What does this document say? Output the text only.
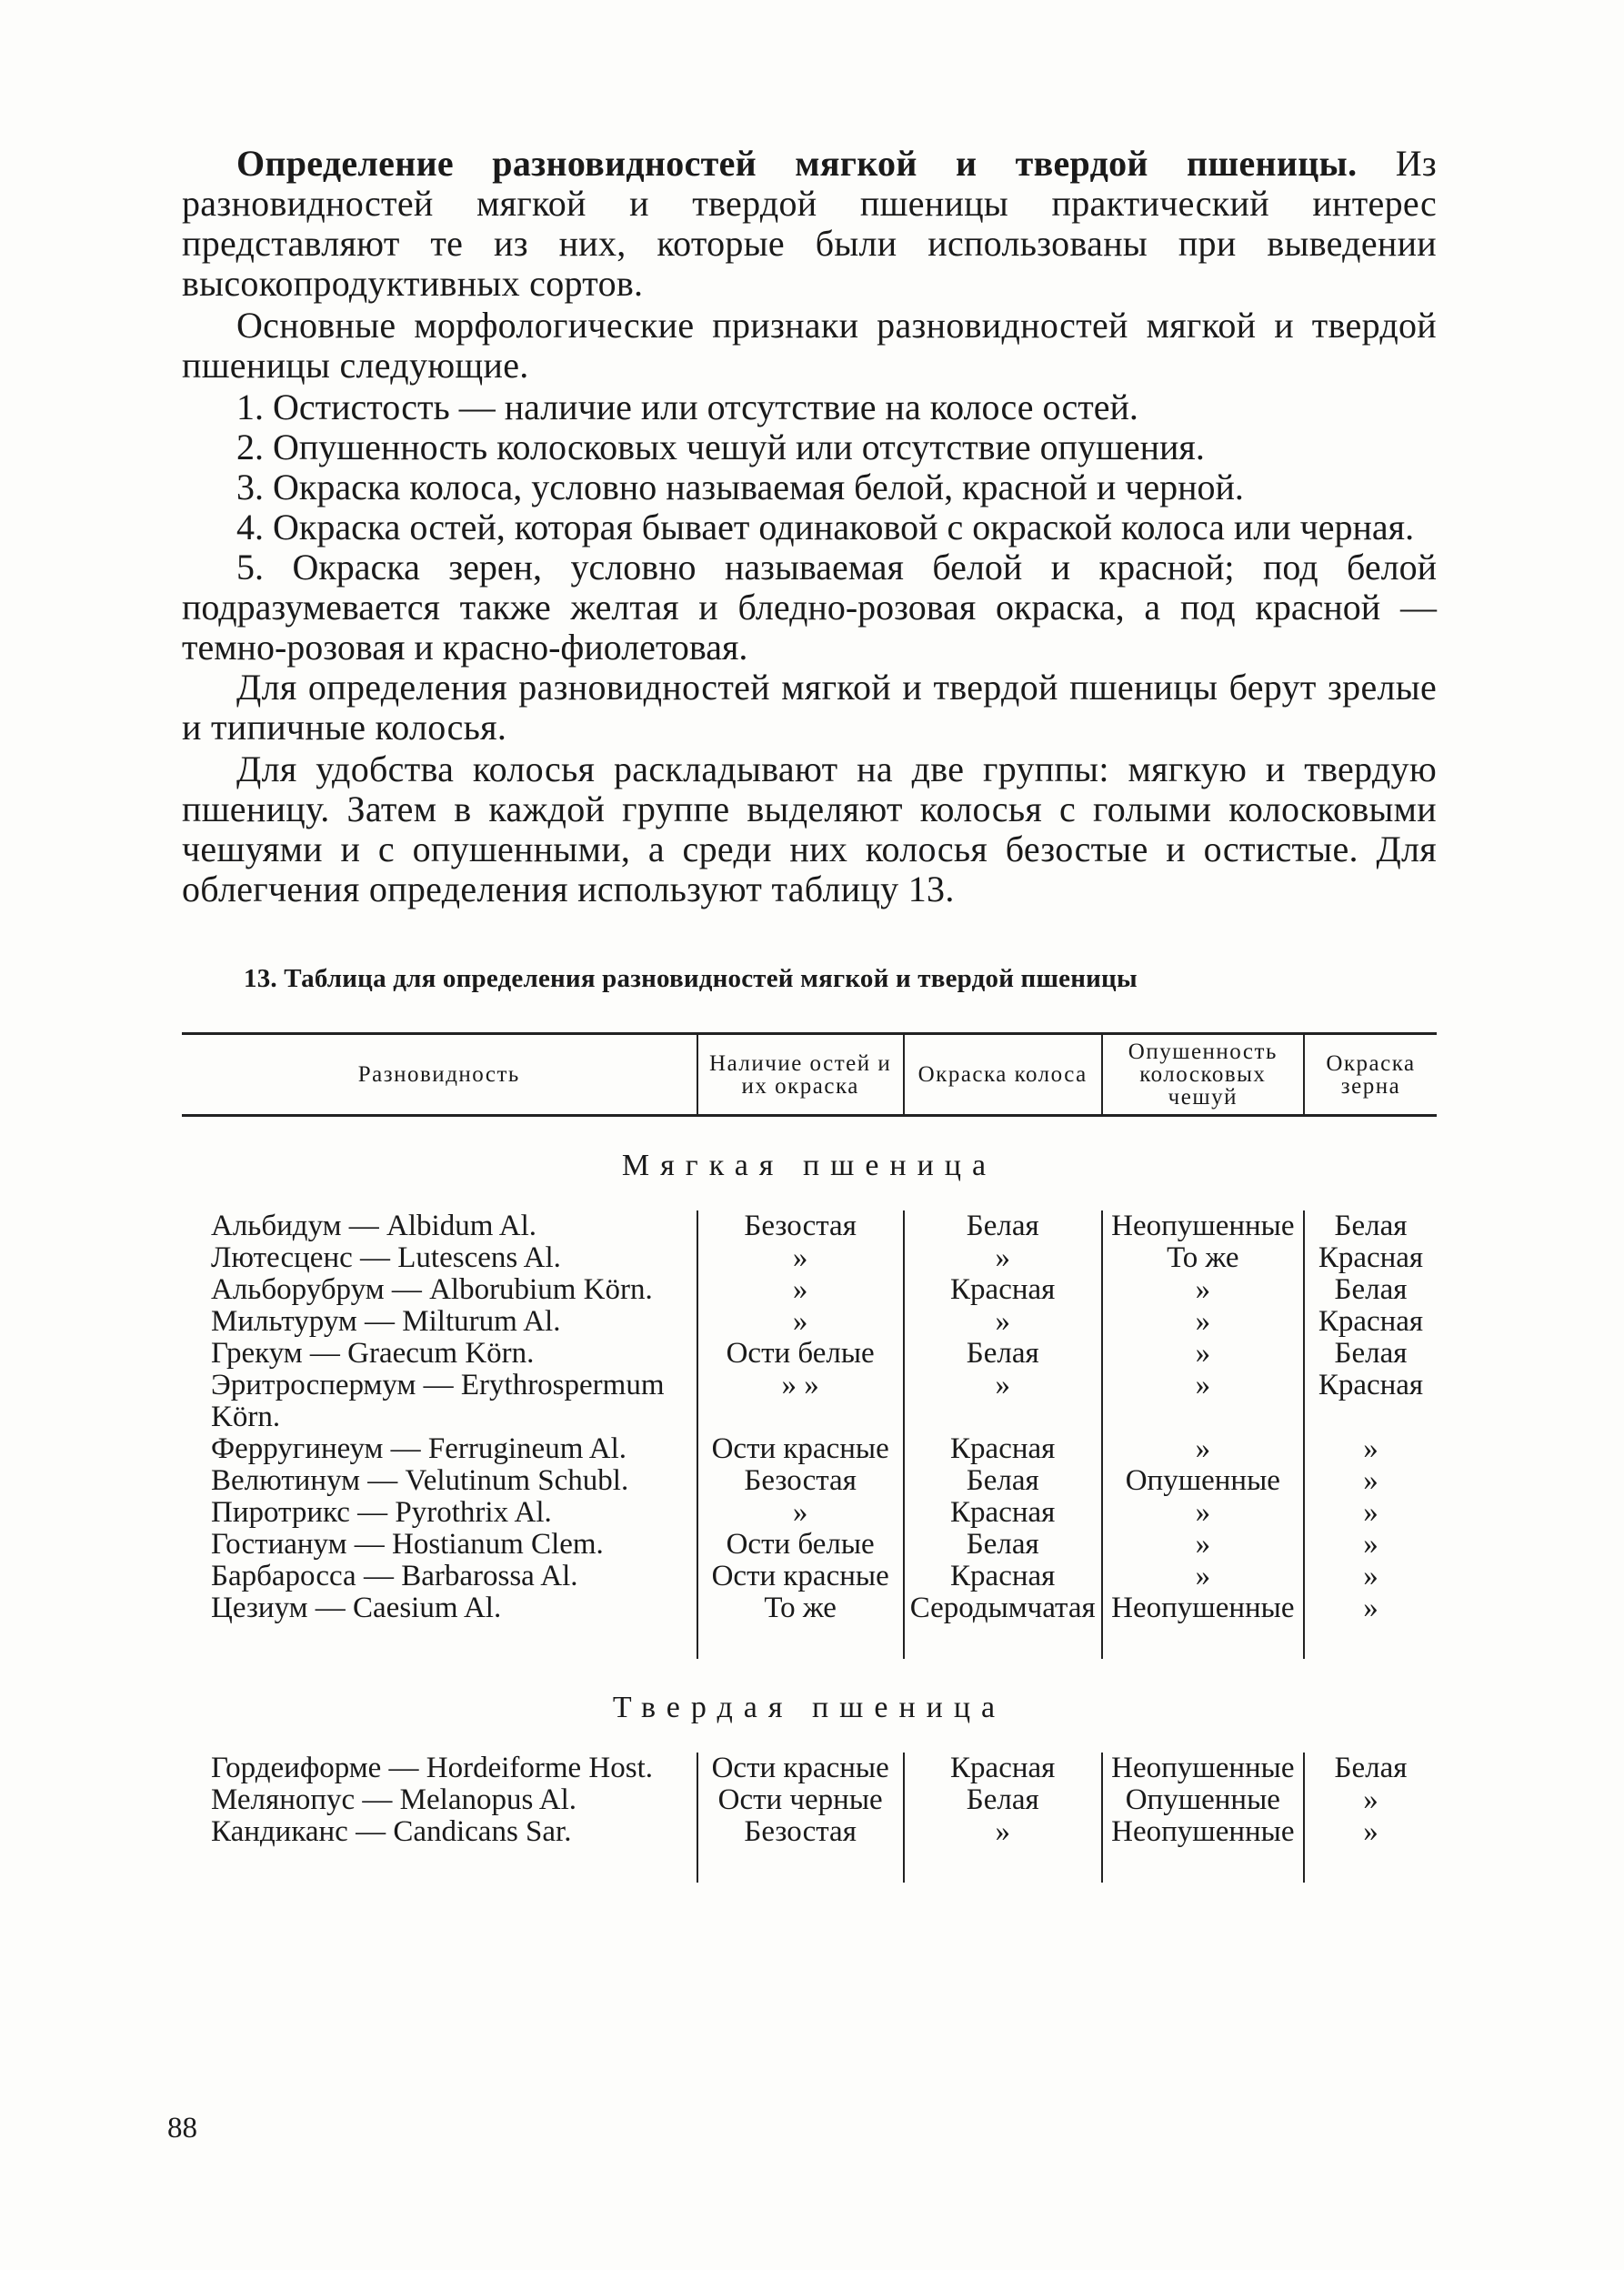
Определение разновидностей мягкой и твердой пшеницы. Из разновидностей мягкой и твердой пшеницы практический интерес представляют те из них, которые были использованы при выведении высокопродуктивных сортов.

Основные морфологические признаки разновидностей мягкой и твердой пшеницы следующие.

1. Остистость — наличие или отсутствие на колосе остей.

2. Опушенность колосковых чешуй или отсутствие опушения.

3. Окраска колоса, условно называемая белой, красной и черной.

4. Окраска остей, которая бывает одинаковой с окраской колоса или черная.

5. Окраска зерен, условно называемая белой и красной; под белой подразумевается также желтая и бледно-розовая окраска, а под красной — темно-розовая и красно-фиолетовая.

Для определения разновидностей мягкой и твердой пшеницы берут зрелые и типичные колосья.

Для удобства колосья раскладывают на две группы: мягкую и твердую пшеницу. Затем в каждой группе выделяют колосья с голыми колосковыми чешуями и с опушенными, а среди них колосья безостые и остистые. Для облегчения определения используют таблицу 13.

13. Таблица для определения разновидностей мягкой и твердой пшеницы
Разновидность	Наличие остей и их окраска	Окраска колоса	Опушенность колосковых чешуй	Окраска зерна
Мягкая пшеница				
Альбидум — Albidum Al.	Безостая	Белая	Неопушенные	Белая
Лютесценс — Lutescens Al.	»	»	То же	Красная
Альборубрум — Alborubium Körn.	»	Красная	»	Белая
Мильтурум — Milturum Al.	»	»	»	Красная
Грекум — Graecum Körn.	Ости белые	Белая	»	Белая
Эритроспермум — Erythrospermum Körn.	» »	»	»	Красная
Ферругинеум — Ferrugineum Al.	Ости красные	Красная	»	»
Велютинум — Velutinum Schubl.	Безостая	Белая	Опушенные	»
Пиротрикс — Pyrothrix Al.	»	Красная	»	»
Гостианум — Hostianum Clem.	Ости белые	Белая	»	»
Барбаросса — Barbarossa Al.	Ости красные	Красная	»	»
Цезиум — Caesium Al.	То же	Серодымчатая	Неопушенные	»
Твердая пшеница				
Гордеиформе — Hordeiforme Host.	Ости красные	Красная	Неопушенные	Белая
Мелянопус — Melanopus Al.	Ости черные	Белая	Опушенные	»
Кандиканс — Candicans Sar.	Безостая	»	Неопушенные	»
88
